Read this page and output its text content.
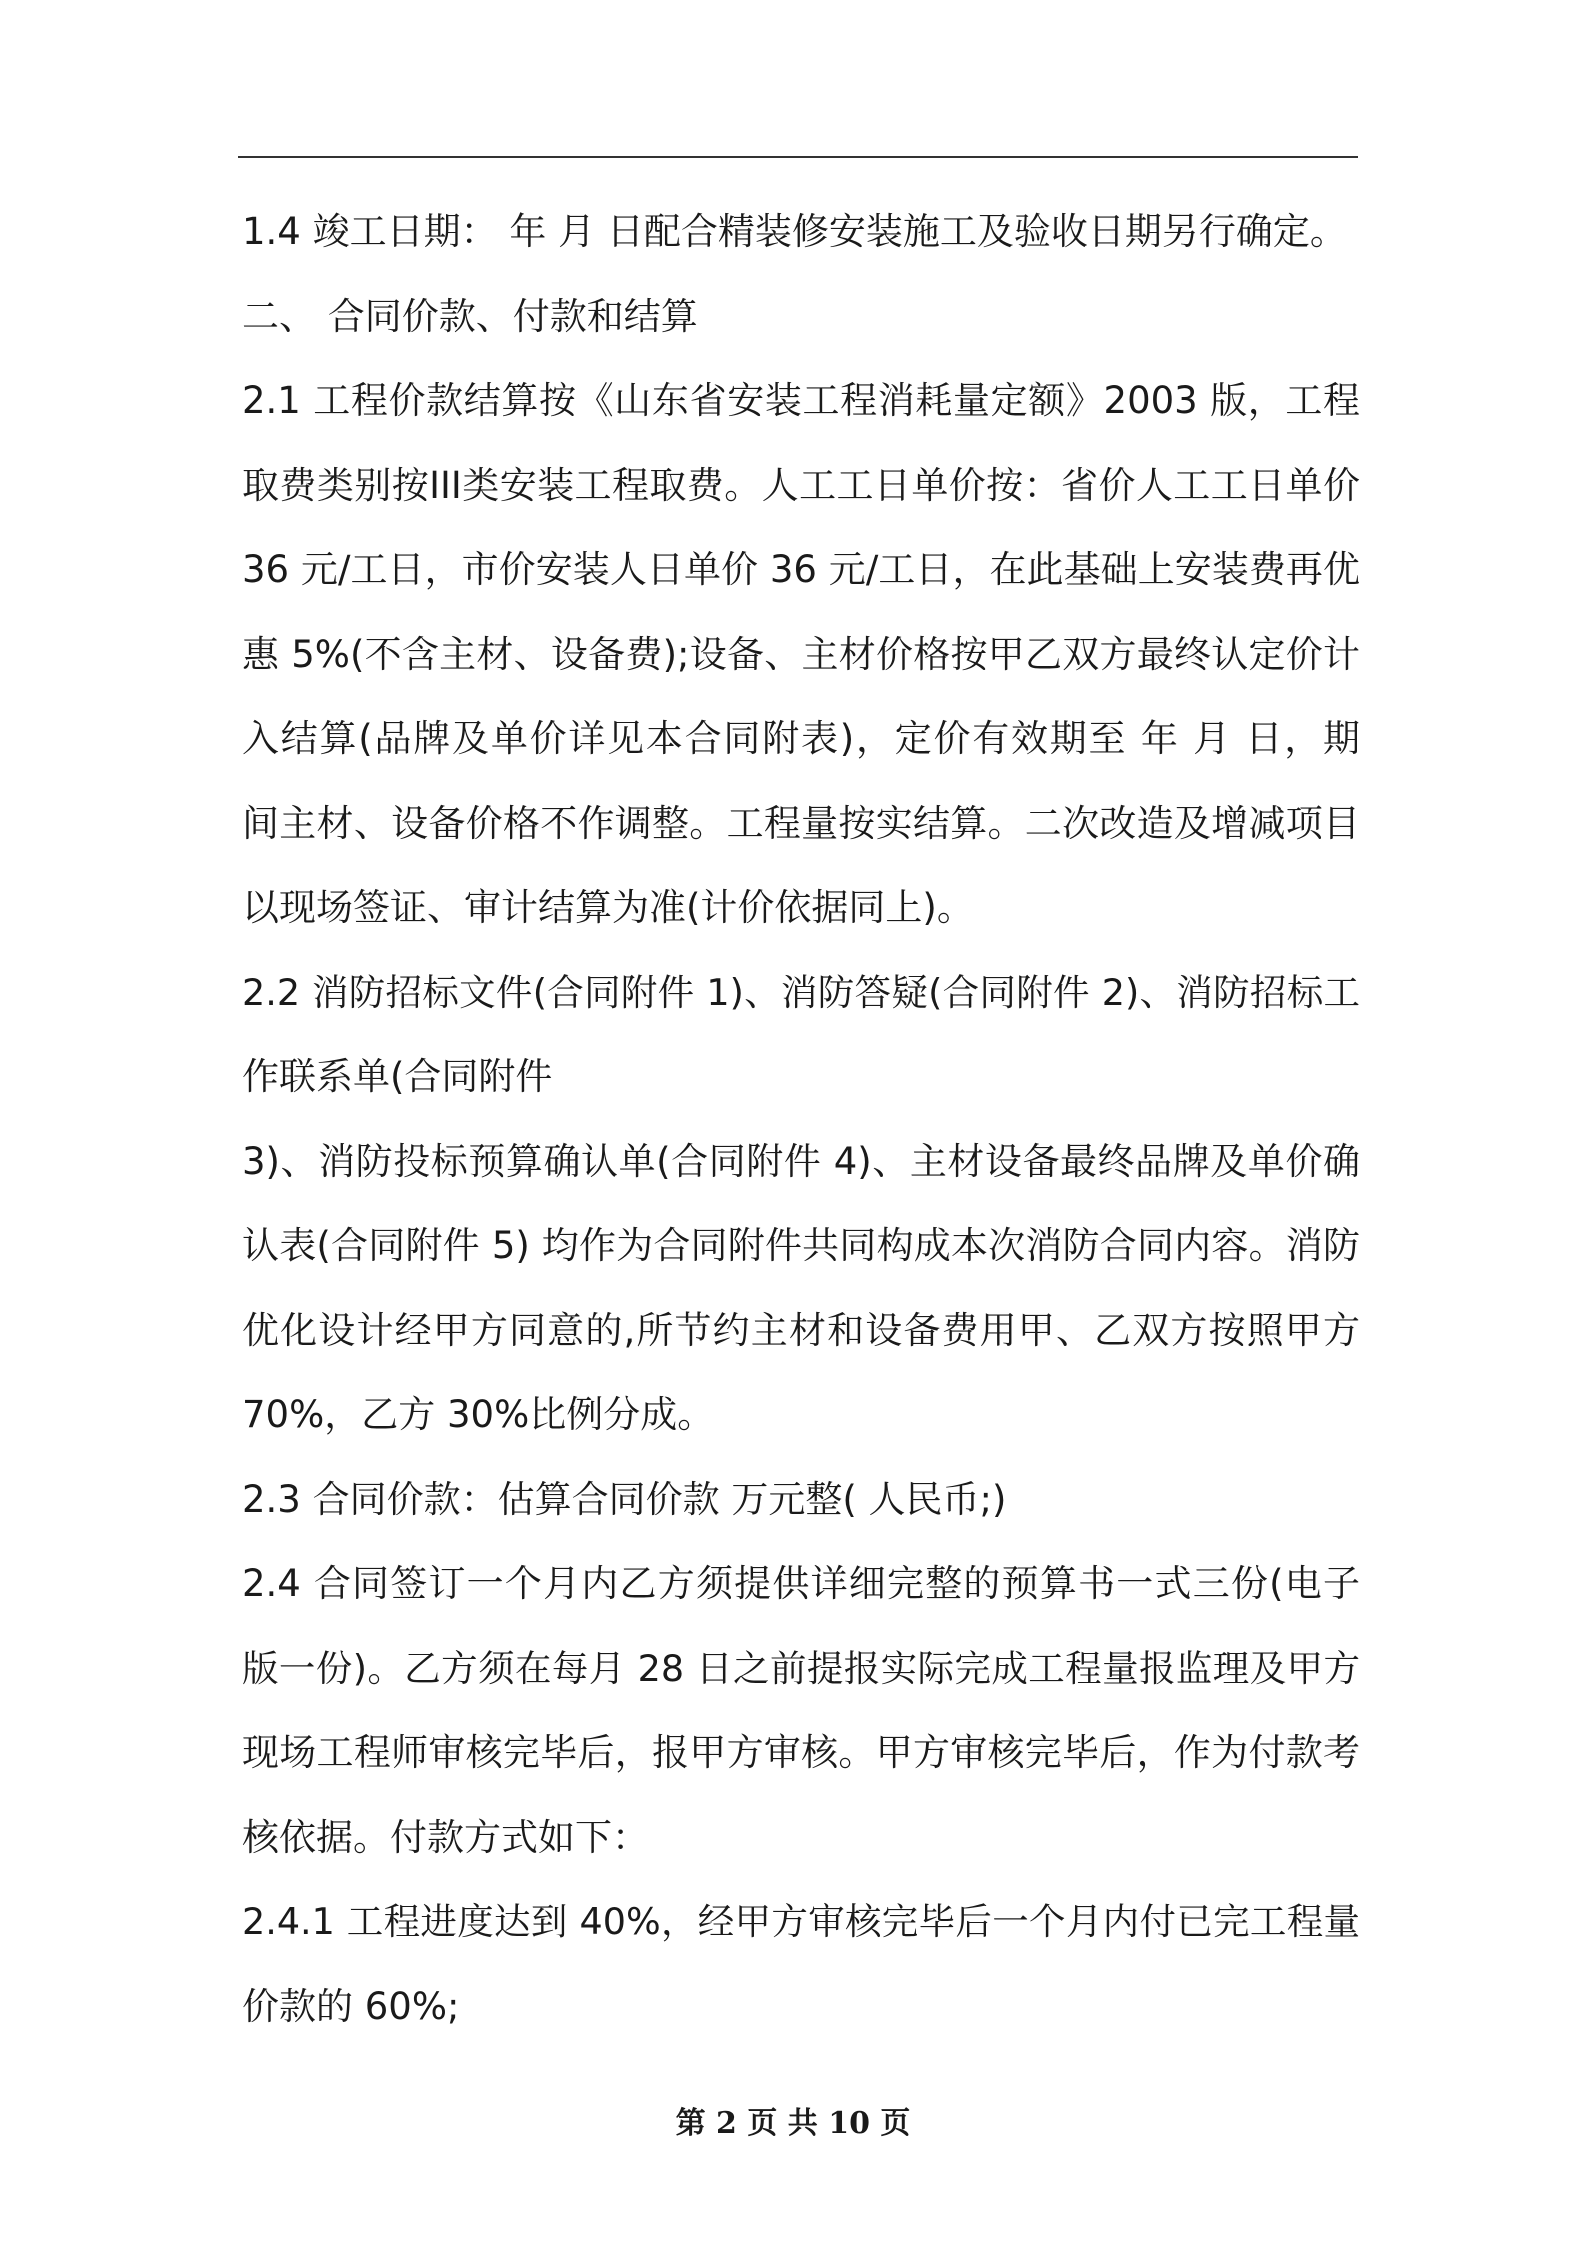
1.4 竣工日期： 年 月 日配合精装修安装施工及验收日期另行确定。
二、 合同价款、付款和结算
2.1 工程价款结算按《山东省安装工程消耗量定额》2003 版，工程
取费类别按III类安装工程取费。人工工日单价按：省价人工工日单价
36 元/工日，市价安装人日单价 36 元/工日，在此基础上安装费再优
惠 5%(不含主材、设备费);设备、主材价格按甲乙双方最终认定价计
入结算(品牌及单价详见本合同附表)，定价有效期至 年 月 日，期
间主材、设备价格不作调整。工程量按实结算。二次改造及增减项目
以现场签证、审计结算为准(计价依据同上)。
2.2 消防招标文件(合同附件 1)、消防答疑(合同附件 2)、消防招标工
作联系单(合同附件
3)、消防投标预算确认单(合同附件 4)、主材设备最终品牌及单价确
认表(合同附件 5) 均作为合同附件共同构成本次消防合同内容。消防
优化设计经甲方同意的,所节约主材和设备费用甲、乙双方按照甲方
70%，乙方 30%比例分成。
2.3 合同价款：估算合同价款 万元整( 人民币;)
2.4 合同签订一个月内乙方须提供详细完整的预算书一式三份(电子
版一份)。乙方须在每月 28 日之前提报实际完成工程量报监理及甲方
现场工程师审核完毕后，报甲方审核。甲方审核完毕后，作为付款考
核依据。付款方式如下：
2.4.1 工程进度达到 40%，经甲方审核完毕后一个月内付已完工程量
价款的 60%;
第 2 页 共 10 页
